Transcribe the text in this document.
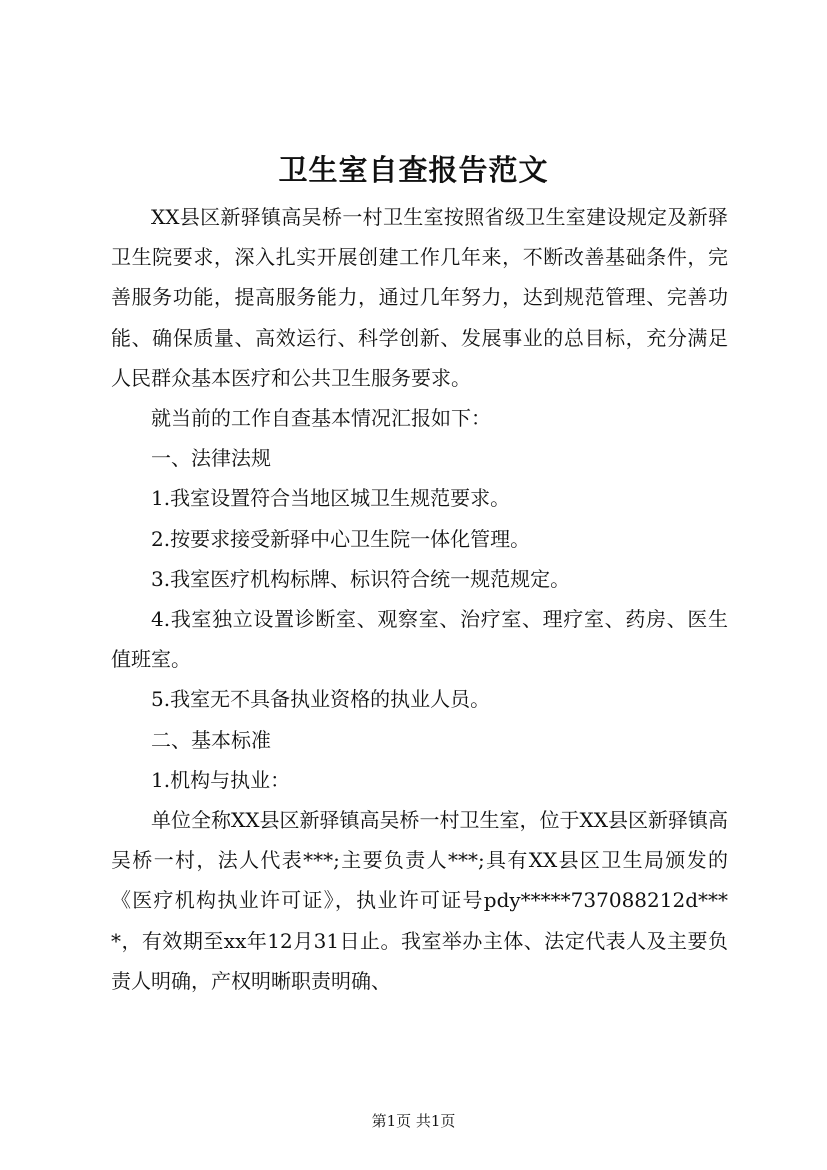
卫生室自查报告范文

XX县区新驿镇高吴桥一村卫生室按照省级卫生室建设规定及新驿卫生院要求，深入扎实开展创建工作几年来，不断改善基础条件，完善服务功能，提高服务能力，通过几年努力，达到规范管理、完善功能、确保质量、高效运行、科学创新、发展事业的总目标，充分满足人民群众基本医疗和公共卫生服务要求。

就当前的工作自查基本情况汇报如下：

一、法律法规

1.我室设置符合当地区城卫生规范要求。

2.按要求接受新驿中心卫生院一体化管理。

3.我室医疗机构标牌、标识符合统一规范规定。

4.我室独立设置诊断室、观察室、治疗室、理疗室、药房、医生值班室。

5.我室无不具备执业资格的执业人员。

二、基本标准

1.机构与执业：

单位全称XX县区新驿镇高吴桥一村卫生室，位于XX县区新驿镇高吴桥一村，法人代表***;主要负责人***;具有XX县区卫生局颁发的《医疗机构执业许可证》，执业许可证号pdy*****737088212d****，有效期至xx年12月31日止。我室举办主体、法定代表人及主要负责人明确，产权明晰职责明确、

第1页 共1页
